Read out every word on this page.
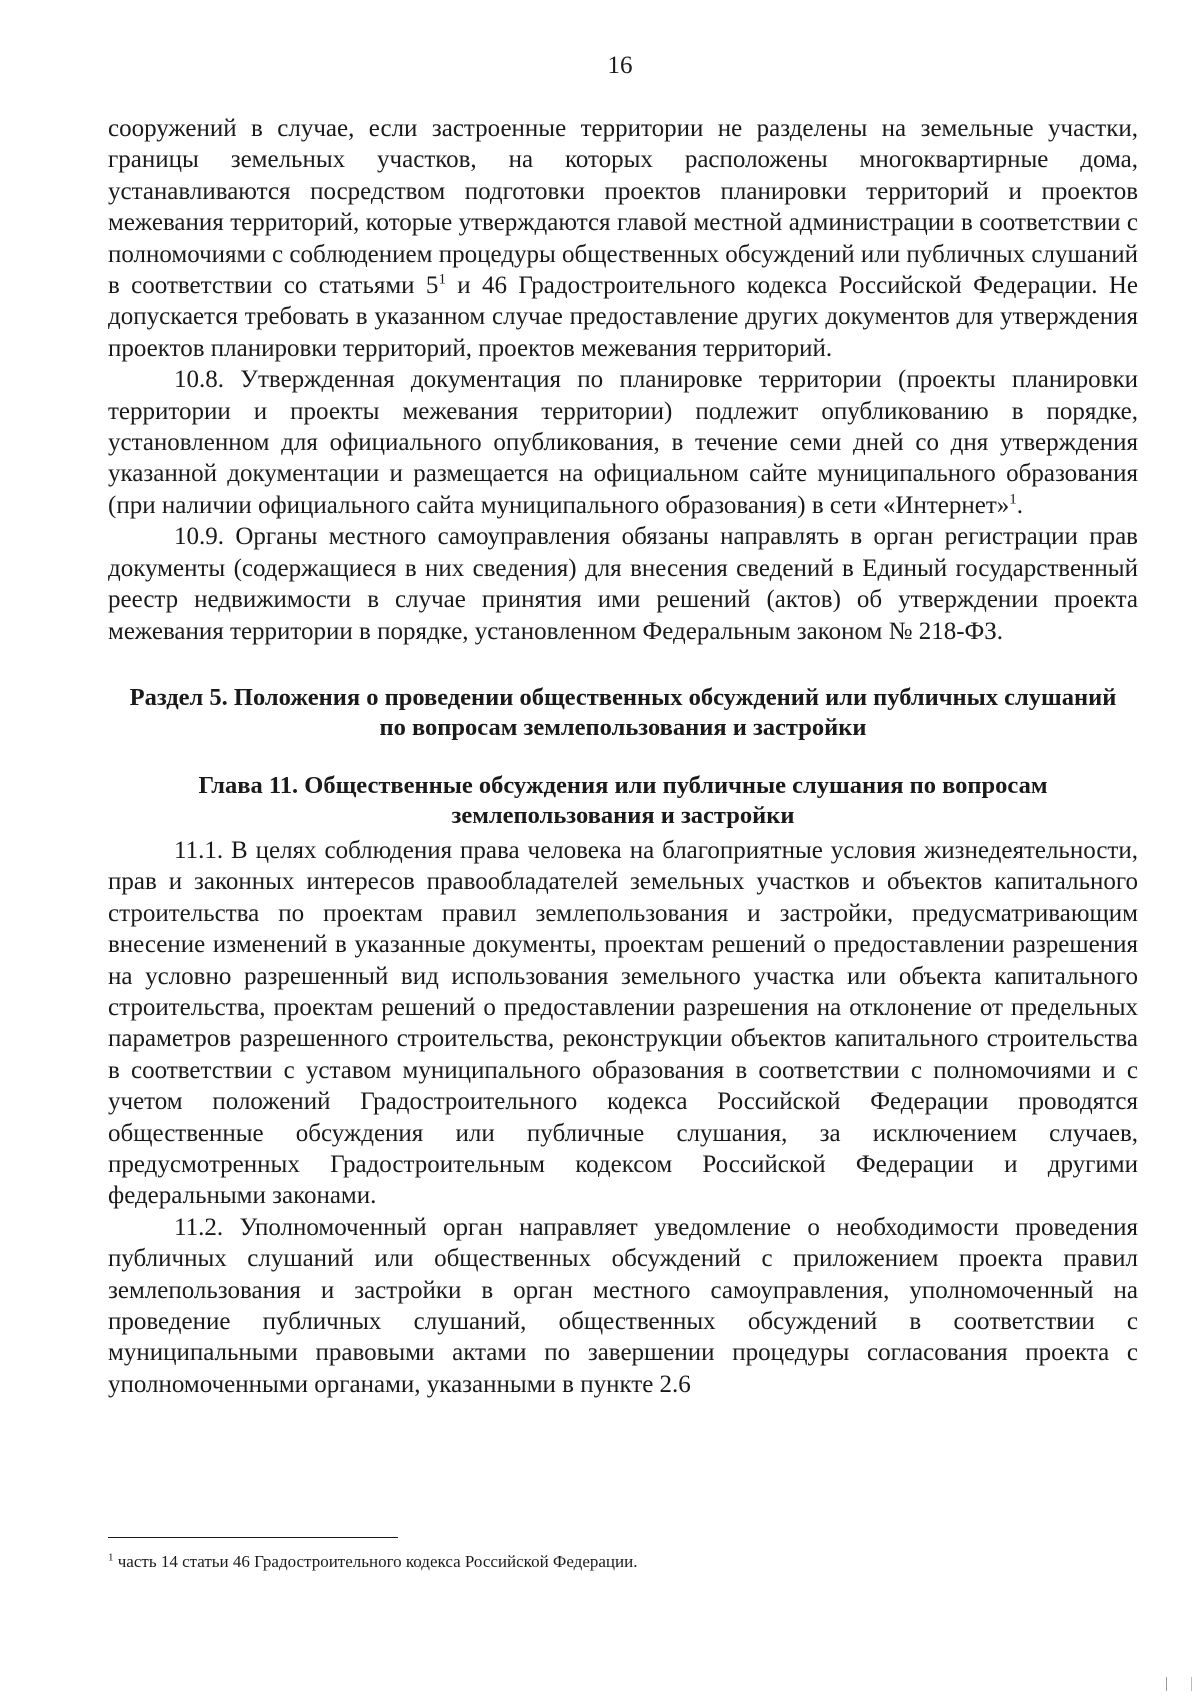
16

сооружений в случае, если застроенные территории не разделены на земельные участки, границы земельных участков, на которых расположены многоквартирные дома, устанавливаются посредством подготовки проектов планировки территорий и проектов межевания территорий, которые утверждаются главой местной администрации в соответствии с полномочиями с соблюдением процедуры общественных обсуждений или публичных слушаний в соответствии со статьями $5^1$ и 46 Градостроительного кодекса Российской Федерации. Не допускается требовать в указанном случае предоставление других документов для утверждения проектов планировки территорий, проектов межевания территорий.

10.8. Утвержденная документация по планировке территории (проекты планировки территории и проекты межевания территории) подлежит опубликованию в порядке, установленном для официального опубликования, в течение семи дней со дня утверждения указанной документации и размещается на официальном сайте муниципального образования (при наличии официального сайта муниципального образования) в сети «Интернет»$^1$.

10.9. Органы местного самоуправления обязаны направлять в орган регистрации прав документы (содержащиеся в них сведения) для внесения сведений в Единый государственный реестр недвижимости в случае принятия ими решений (актов) об утверждении проекта межевания территории в порядке, установленном Федеральным законом № 218-ФЗ.

Раздел 5. Положения о проведении общественных обсуждений или публичных слушаний по вопросам землепользования и застройки
Глава 11. Общественные обсуждения или публичные слушания по вопросам землепользования и застройки

11.1. В целях соблюдения права человека на благоприятные условия жизнедеятельности, прав и законных интересов правообладателей земельных участков и объектов капитального строительства по проектам правил землепользования и застройки, предусматривающим внесение изменений в указанные документы, проектам решений о предоставлении разрешения на условно разрешенный вид использования земельного участка или объекта капитального строительства, проектам решений о предоставлении разрешения на отклонение от предельных параметров разрешенного строительства, реконструкции объектов капитального строительства в соответствии с уставом муниципального образования в соответствии с полномочиями и с учетом положений Градостроительного кодекса Российской Федерации проводятся общественные обсуждения или публичные слушания, за исключением случаев, предусмотренных Градостроительным кодексом Российской Федерации и другими федеральными законами.

11.2. Уполномоченный орган направляет уведомление о необходимости проведения публичных слушаний или общественных обсуждений с приложением проекта правил землепользования и застройки в орган местного самоуправления, уполномоченный на проведение публичных слушаний, общественных обсуждений в соответствии с муниципальными правовыми актами по завершении процедуры согласования проекта с уполномоченными органами, указанными в пункте 2.6

$^1$ часть 14 статьи 46 Градостроительного кодекса Российской Федерации.
